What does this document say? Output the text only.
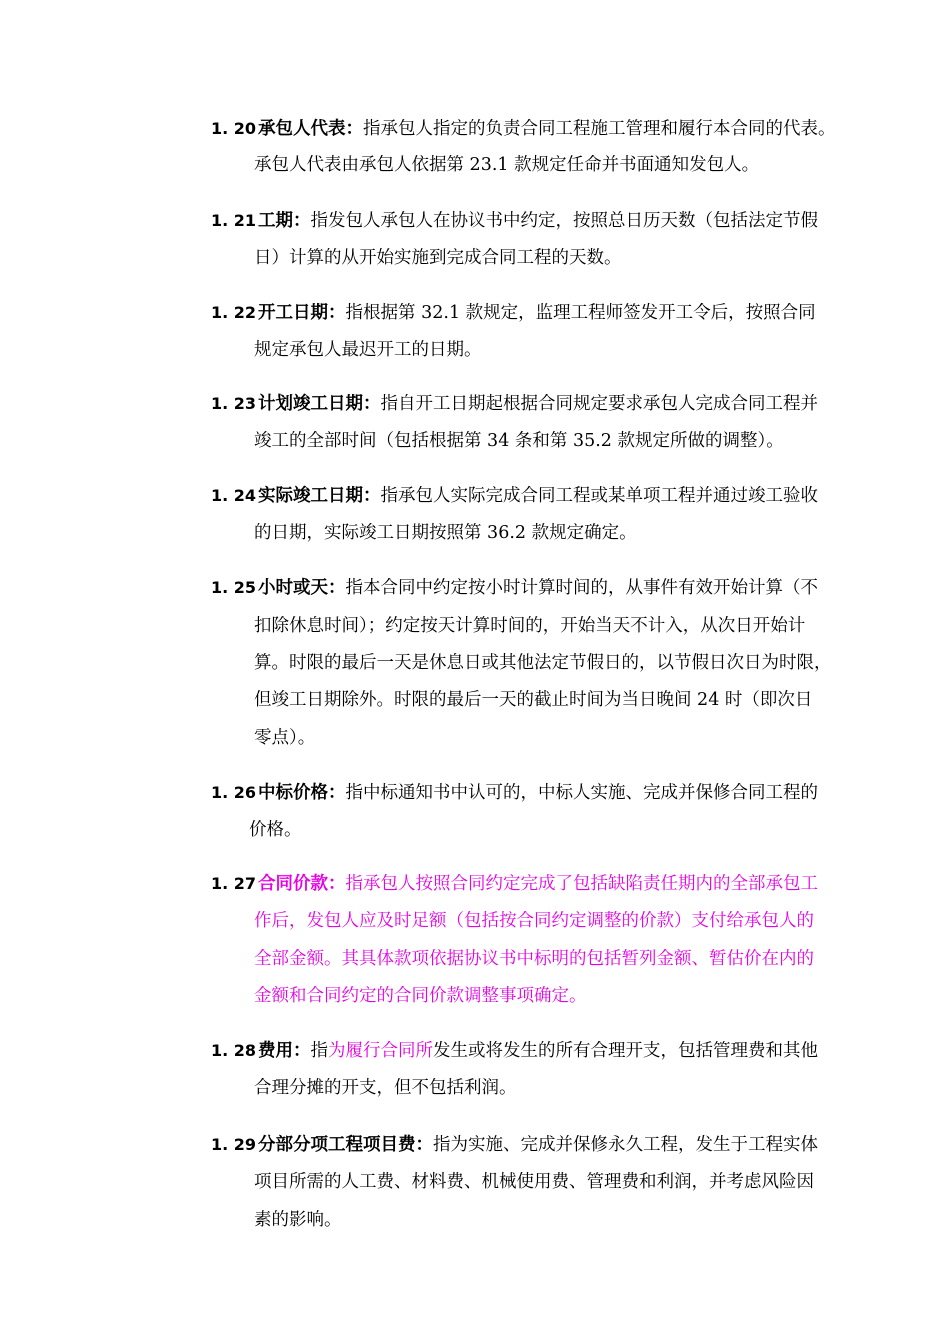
1. 20 承包人代表：指承包人指定的负责合同工程施工管理和履行本合同的代表。
承包人代表由承包人依据第 23.1 款规定任命并书面通知发包人。
1. 21 工期：指发包人承包人在协议书中约定，按照总日历天数（包括法定节假
日）计算的从开始实施到完成合同工程的天数。
1. 22 开工日期：指根据第 32.1 款规定，监理工程师签发开工令后，按照合同
规定承包人最迟开工的日期。
1. 23 计划竣工日期：指自开工日期起根据合同规定要求承包人完成合同工程并
竣工的全部时间（包括根据第 34 条和第 35.2 款规定所做的调整）。
1. 24 实际竣工日期：指承包人实际完成合同工程或某单项工程并通过竣工验收
的日期，实际竣工日期按照第 36.2 款规定确定。
1. 25 小时或天：指本合同中约定按小时计算时间的，从事件有效开始计算（不
扣除休息时间）；约定按天计算时间的，开始当天不计入，从次日开始计
算。时限的最后一天是休息日或其他法定节假日的，以节假日次日为时限，
但竣工日期除外。时限的最后一天的截止时间为当日晚间 24 时（即次日
零点）。
1. 26 中标价格：指中标通知书中认可的，中标人实施、完成并保修合同工程的
价格。
1. 27 合同价款：指承包人按照合同约定完成了包括缺陷责任期内的全部承包工
作后，发包人应及时足额（包括按合同约定调整的价款）支付给承包人的
全部金额。其具体款项依据协议书中标明的包括暂列金额、暂估价在内的
金额和合同约定的合同价款调整事项确定。
1. 28 费用：指为履行合同所发生或将发生的所有合理开支，包括管理费和其他
合理分摊的开支，但不包括利润。
1. 29 分部分项工程项目费：指为实施、完成并保修永久工程，发生于工程实体
项目所需的人工费、材料费、机械使用费、管理费和利润，并考虑风险因
素的影响。
